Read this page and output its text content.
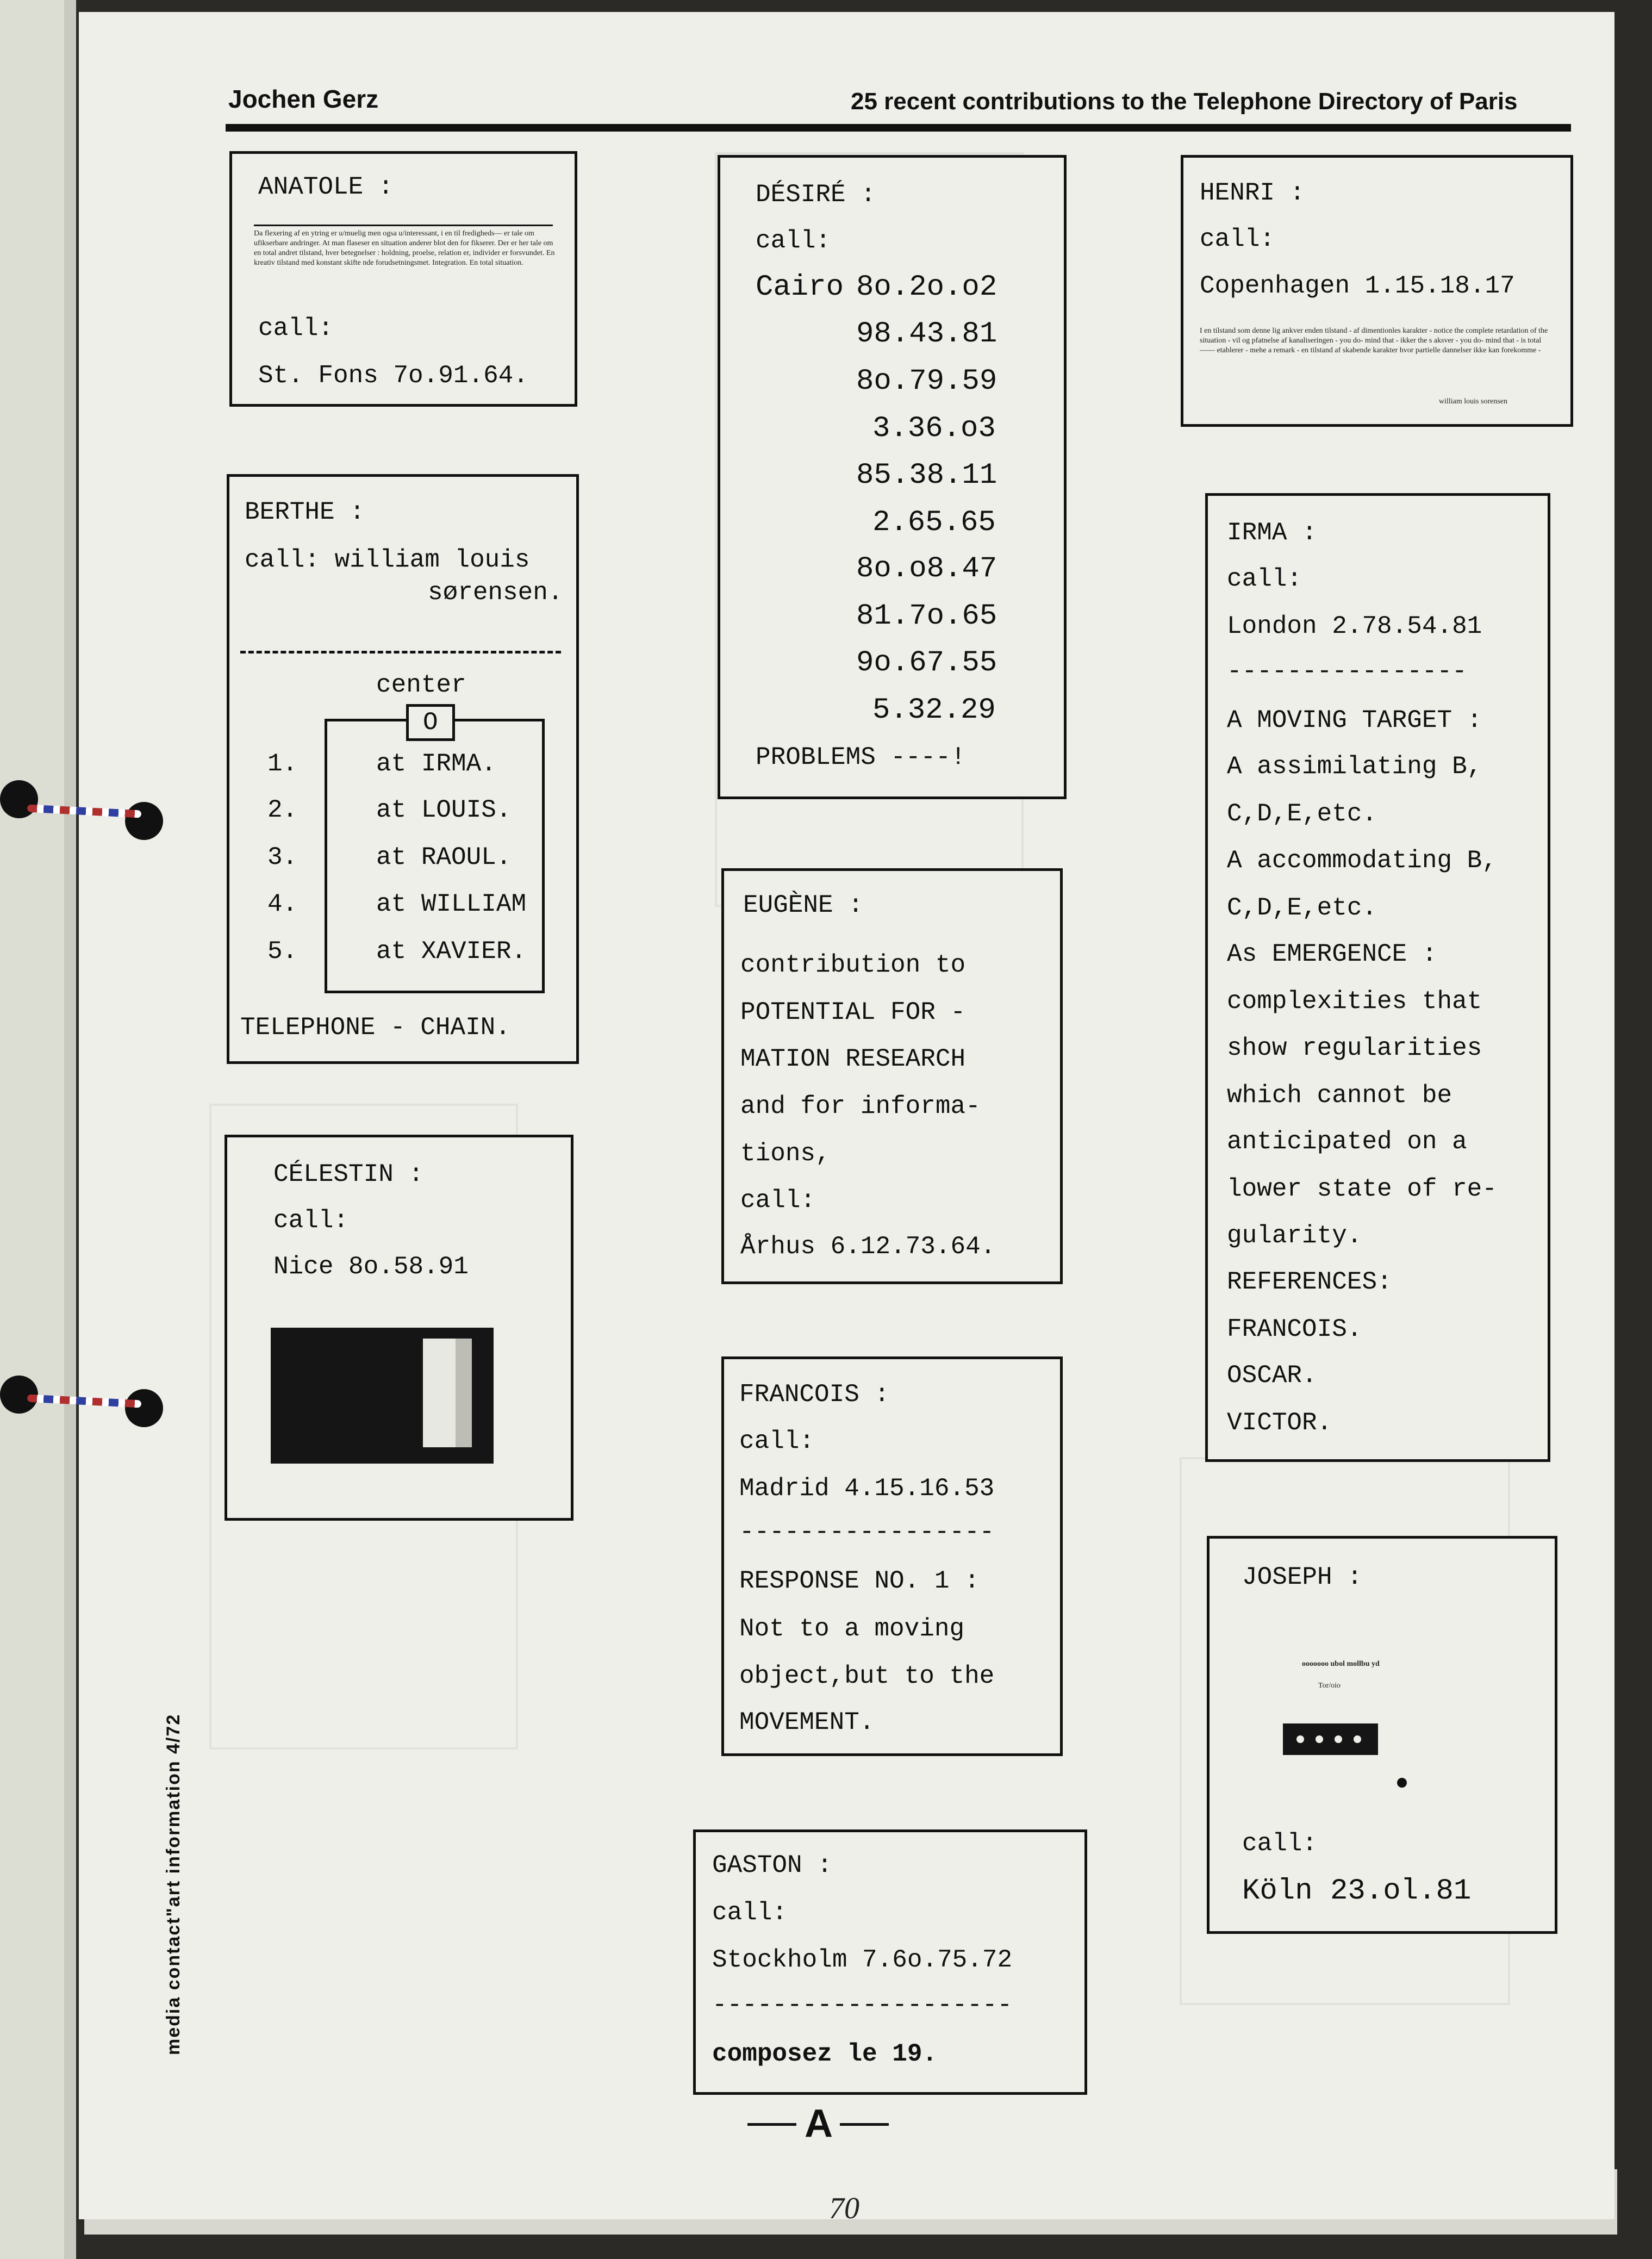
Jochen Gerz	25 recent contributions to the Telephone Directory of Paris
ANATOLE :
Da flexering af en ytring er u/muelig men ogsa u/interessant, i en til fredigheds— er tale om ufikserbare andringer. At man flaseser en situation anderer blot den for fikserer. Der er her tale om en total andret tilstand, hver betegnelser : holdning, proelse, relation er, individer er forsvundet. En kreativ tilstand med konstant skifte nde forudsetningsmet. Integration. En total situation.
call:
St. Fons 7o.91.64.
BERTHE :
call: william louis
sørensen.
center
O
1.	at IRMA.
2.	at LOUIS.
3.	at RAOUL.
4.	at WILLIAM
5.	at XAVIER.
TELEPHONE - CHAIN.
CÉLESTIN :
call:
Nice 8o.58.91
DÉSIRÉ :
call:
Cairo 8o.2o.o2
98.43.81
8o.79.59
3.36.o3
85.38.11
2.65.65
8o.o8.47
81.7o.65
9o.67.55
5.32.29
PROBLEMS ----!
EUGÈNE :
contribution to
POTENTIAL FOR -
MATION RESEARCH
and for informa-
tions,
call:
Århus 6.12.73.64.
FRANCOIS :
call:
Madrid 4.15.16.53
-----------------
RESPONSE NO. 1 :
Not to a moving
object,but to the
MOVEMENT.
GASTON :
call:
Stockholm 7.6o.75.72
--------------------
composez le 19.
HENRI :
call:
Copenhagen 1.15.18.17
I en tilstand som denne lig ankver enden tilstand - af dimentionles karakter - notice the complete retardation of the situation - vil og pfatnelse af kanaliseringen - you do- mind that - ikker the s aksver - you do- mind that - is total —— etablerer - mehe a remark - en tilstand af skabende karakter hvor partielle dannelser ikke kan forekomme -
william louis sorensen
IRMA :
call:
London 2.78.54.81
----------------
A MOVING TARGET :
A assimilating B,
C,D,E,etc.
A accommodating B,
C,D,E,etc.
As EMERGENCE :
complexities that
show regularities
which cannot be
anticipated on a
lower state of re-
gularity.
REFERENCES:
FRANCOIS.
OSCAR.
VICTOR.
JOSEPH :
ooooooo ubol mollbu yd
Tor/oio
call:
Köln 23.ol.81
media contact"art information 4/72
A
70
